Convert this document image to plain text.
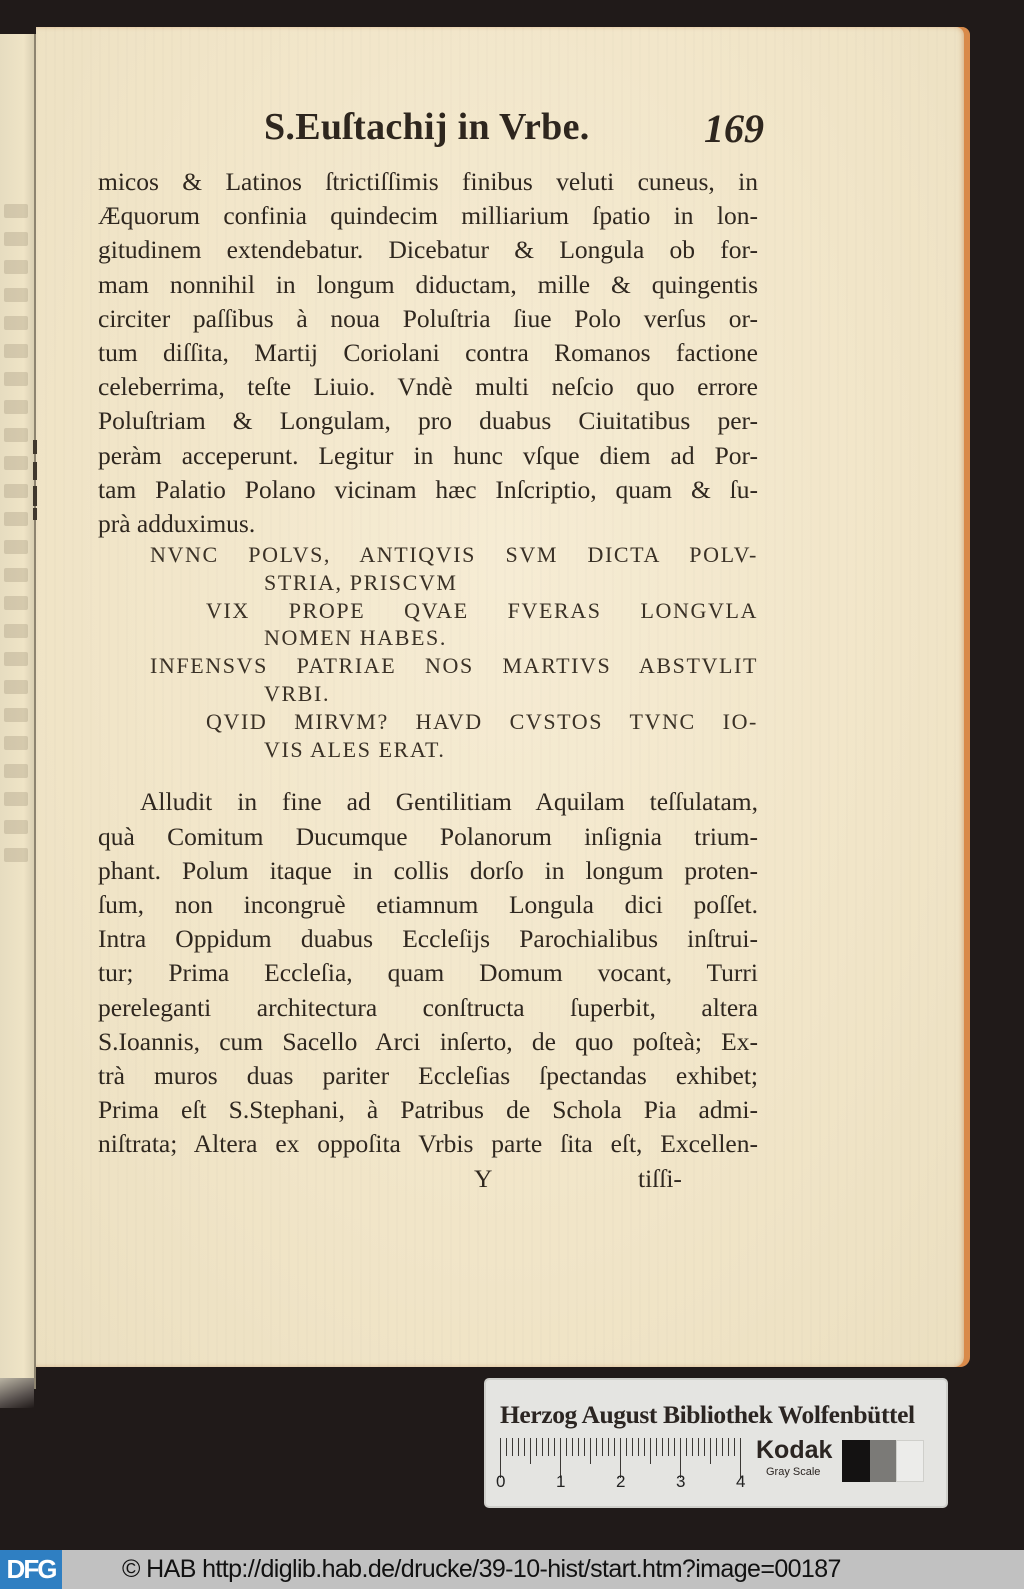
S.Euſtachij in Vrbe.	169
micos & Latinos ſtrictiſſimis finibus veluti cuneus, in
Æquorum confinia quindecim milliarium ſpatio in lon-
gitudinem extendebatur. Dicebatur & Longula ob for-
mam nonnihil in longum diductam, mille & quingentis
circiter paſſibus à noua Poluſtria ſiue Polo verſus or-
tum diſſita, Martij Coriolani contra Romanos factione
celeberrima, teſte Liuio. Vndè multi neſcio quo errore
Poluſtriam & Longulam, pro duabus Ciuitatibus per-
peràm acceperunt. Legitur in hunc vſque diem ad Por-
tam Palatio Polano vicinam hæc Inſcriptio, quam & ſu-
prà adduximus.
NVNC POLVS, ANTIQVIS SVM DICTA POLV-
STRIA, PRISCVM
VIX PROPE QVAE FVERAS LONGVLA
NOMEN HABES.
INFENSVS PATRIAE NOS MARTIVS ABSTVLIT
VRBI.
QVID MIRVM? HAVD CVSTOS TVNC IO-
VIS ALES ERAT.
Alludit in fine ad Gentilitiam Aquilam teſſulatam,
quà Comitum Ducumque Polanorum inſignia trium-
phant. Polum itaque in collis dorſo in longum proten-
ſum, non incongruè etiamnum Longula dici poſſet.
Intra Oppidum duabus Eccleſijs Parochialibus inſtrui-
tur; Prima Eccleſia, quam Domum vocant, Turri
pereleganti architectura conſtructa ſuperbit, altera
S.Ioannis, cum Sacello Arci inſerto, de quo poſteà; Ex-
trà muros duas pariter Eccleſias ſpectandas exhibet;
Prima eſt S.Stephani, à Patribus de Schola Pia admi-
niſtrata; Altera ex oppoſita Vrbis parte ſita eſt, Excellen-
Y	tiſſi-
Herzog August Bibliothek Wolfenbüttel
0	1	2	3	4
Kodak
Gray Scale
DFG	© HAB http://diglib.hab.de/drucke/39-10-hist/start.htm?image=00187
